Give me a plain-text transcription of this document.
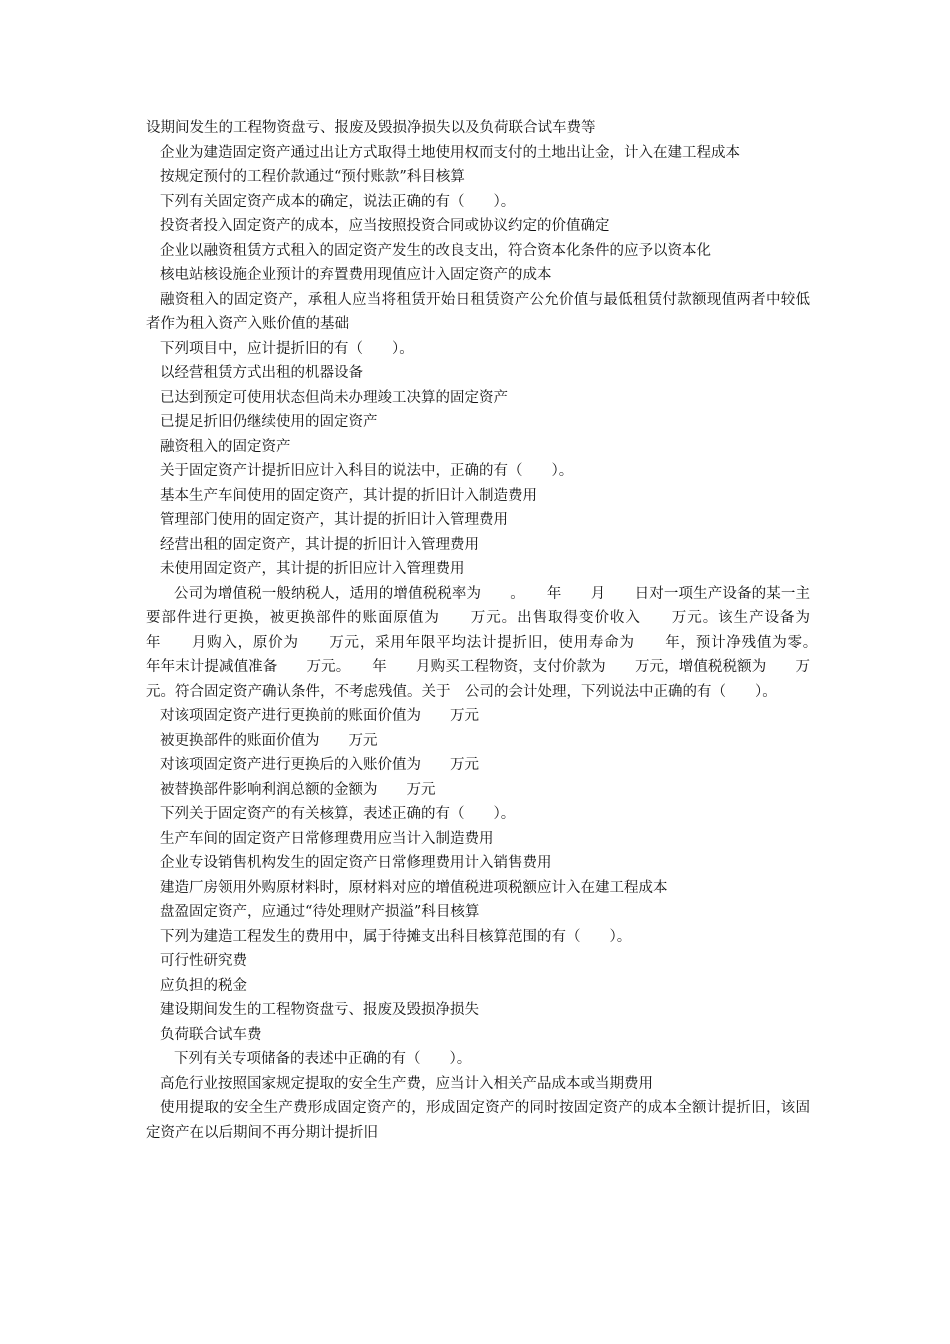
设期间发生的工程物资盘亏、报废及毁损净损失以及负荷联合试车费等

企业为建造固定资产通过出让方式取得土地使用权而支付的土地出让金，计入在建工程成本

按规定预付的工程价款通过“预付账款”科目核算

下列有关固定资产成本的确定，说法正确的有（　　）。

投资者投入固定资产的成本，应当按照投资合同或协议约定的价值确定

企业以融资租赁方式租入的固定资产发生的改良支出，符合资本化条件的应予以资本化

核电站核设施企业预计的弃置费用现值应计入固定资产的成本

融资租入的固定资产，承租人应当将租赁开始日租赁资产公允价值与最低租赁付款额现值两者中较低者作为租入资产入账价值的基础

下列项目中，应计提折旧的有（　　）。

以经营租赁方式出租的机器设备

已达到预定可使用状态但尚未办理竣工决算的固定资产

已提足折旧仍继续使用的固定资产

融资租入的固定资产

关于固定资产计提折旧应计入科目的说法中，正确的有（　　）。

基本生产车间使用的固定资产，其计提的折旧计入制造费用

管理部门使用的固定资产，其计提的折旧计入管理费用

经营出租的固定资产，其计提的折旧计入管理费用

未使用固定资产，其计提的折旧应计入管理费用

公司为增值税一般纳税人，适用的增值税税率为　　。　　年　　月　　日对一项生产设备的某一主要部件进行更换，被更换部件的账面原值为　　万元。出售取得变价收入　　万元。该生产设备为　　年　　月购入，原价为　　万元，采用年限平均法计提折旧，使用寿命为　　年，预计净残值为零。　　年年末计提减值准备　　万元。　　年　　月购买工程物资，支付价款为　　万元，增值税税额为　　万元。符合固定资产确认条件，不考虑残值。关于　公司的会计处理，下列说法中正确的有（　　）。

对该项固定资产进行更换前的账面价值为　　万元

被更换部件的账面价值为　　万元

对该项固定资产进行更换后的入账价值为　　万元

被替换部件影响利润总额的金额为　　万元

下列关于固定资产的有关核算，表述正确的有（　　）。

生产车间的固定资产日常修理费用应当计入制造费用

企业专设销售机构发生的固定资产日常修理费用计入销售费用

建造厂房领用外购原材料时，原材料对应的增值税进项税额应计入在建工程成本

盘盈固定资产，应通过“待处理财产损溢”科目核算

下列为建造工程发生的费用中，属于待摊支出科目核算范围的有（　　）。

可行性研究费

应负担的税金

建设期间发生的工程物资盘亏、报废及毁损净损失

负荷联合试车费

下列有关专项储备的表述中正确的有（　　）。

高危行业按照国家规定提取的安全生产费，应当计入相关产品成本或当期费用

使用提取的安全生产费形成固定资产的，形成固定资产的同时按固定资产的成本全额计提折旧，该固定资产在以后期间不再分期计提折旧
